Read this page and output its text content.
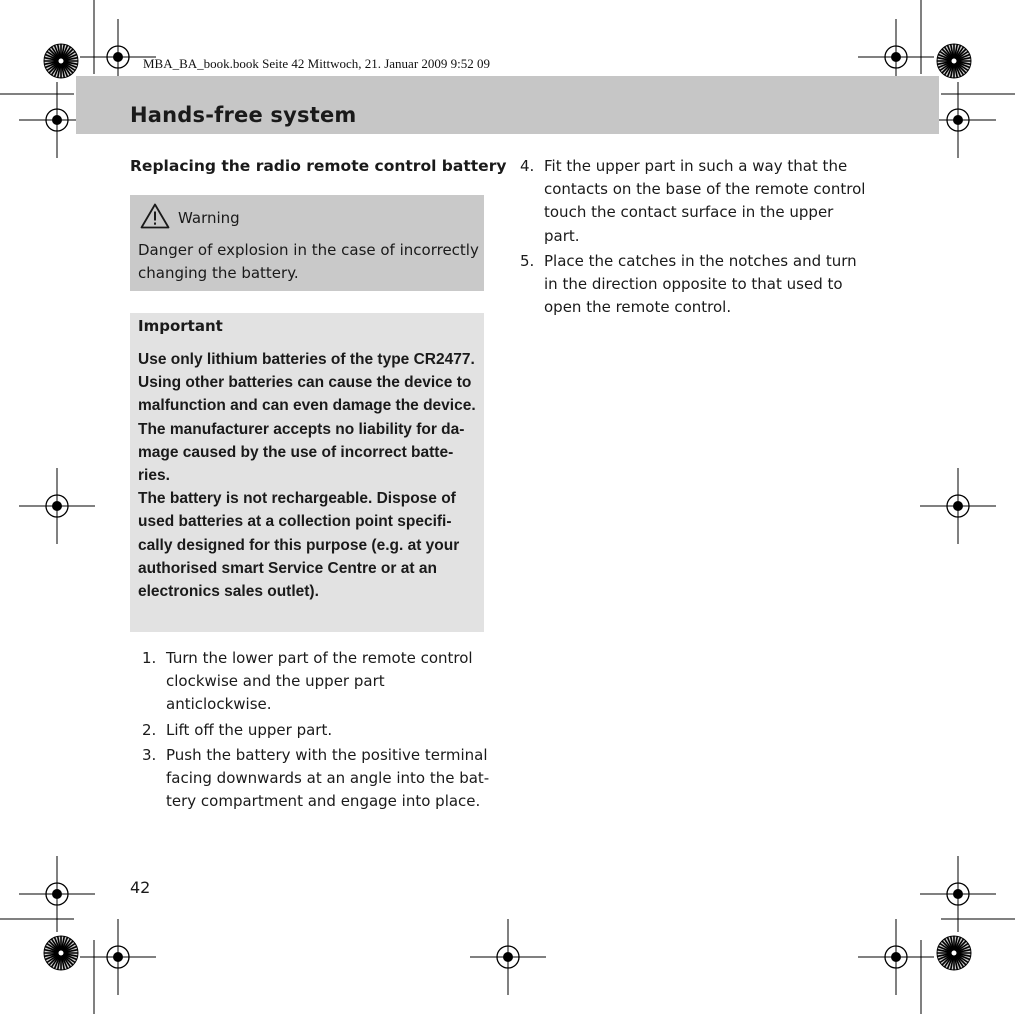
MBA_BA_book.book Seite 42 Mittwoch, 21. Januar 2009 9:52 09
Hands-free system
Replacing the radio remote control battery
Warning
Danger of explosion in the case of incorrectly changing the battery.
Important

Use only lithium batteries of the type CR2477. Using other batteries can cause the device to malfunction and can even damage the device.

The manufacturer accepts no liability for da-mage caused by the use of incorrect batte-ries.

The battery is not rechargeable. Dispose of used batteries at a collection point specifi-cally designed for this purpose (e.g. at your authorised smart Service Centre or at an electronics sales outlet).

1. Turn the lower part of the remote control clockwise and the upper part anticlockwise.
2. Lift off the upper part.
3. Push the battery with the positive terminal facing downwards at an angle into the bat-tery compartment and engage into place.
4. Fit the upper part in such a way that the contacts on the base of the remote control touch the contact surface in the upper part.
5. Place the catches in the notches and turn in the direction opposite to that used to open the remote control.
42
